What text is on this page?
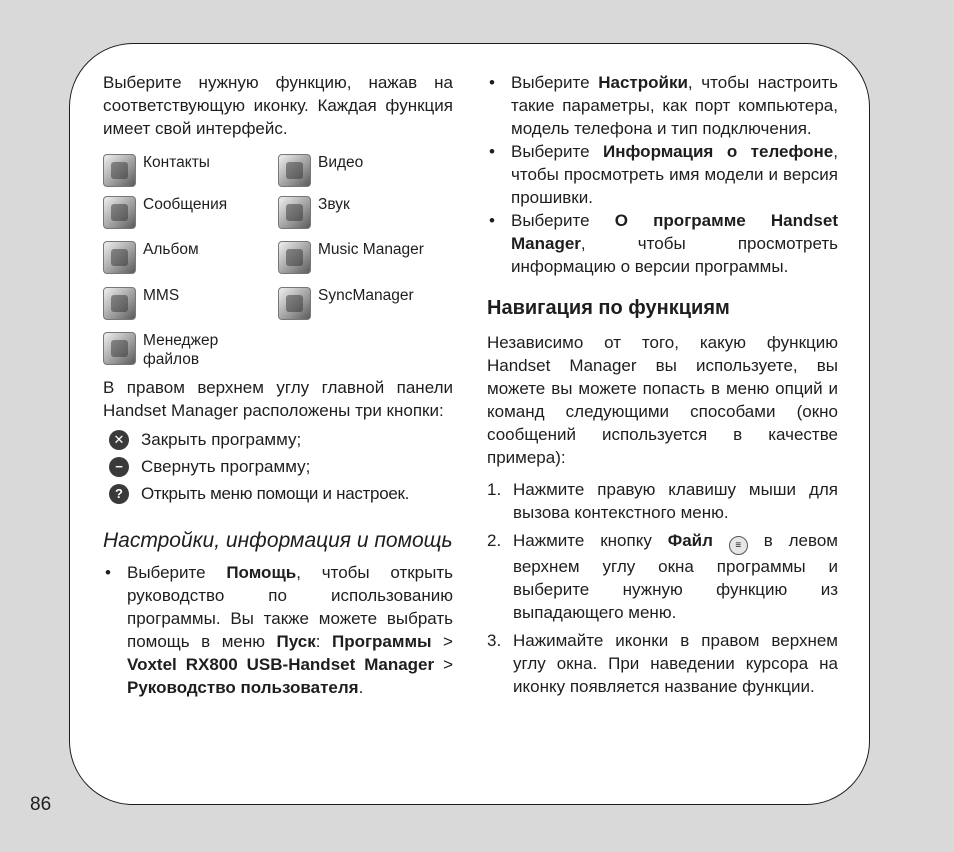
86

Выберите нужную функцию, нажав на соответствующую иконку. Каждая функция имеет свой интерфейс.

Контакты	Видео
Сообщения	Звук
Альбом	Music Manager
MMS	SyncManager
Менеджер файлов

В правом верхнем углу главной панели Handset Manager расположены три кнопки:

✕ Закрыть программу;
−	Свернуть программу;
?	Открыть меню помощи и настроек.
Настройки, информация и помощь
• Выберите Помощь, чтобы открыть руководство по использованию программы. Вы также можете выбрать помощь в меню Пуск: Программы > Voxtel RX800 USB-Handset Manager > Руководство пользователя.
• Выберите Настройки, чтобы настроить такие параметры, как порт компьютера, модель телефона и тип подключения.
• Выберите Информация о телефоне, чтобы просмотреть имя модели и версия прошивки.
• Выберите О программе Handset Manager, чтобы просмотреть информацию о версии программы.
Навигация по функциям

Независимо от того, какую функцию Handset Manager вы используете, вы можете вы можете попасть в меню опций и команд следующими способами (окно сообщений используется в качестве примера):

1. Нажмите правую клавишу мыши для вызова контекстного меню.
2. Нажмите кнопку Файл ≡ в левом верхнем углу окна программы и выберите нужную функцию из выпадающего меню.
3. Нажимайте иконки в правом верхнем углу окна. При наведении курсора на иконку появляется название функции.
